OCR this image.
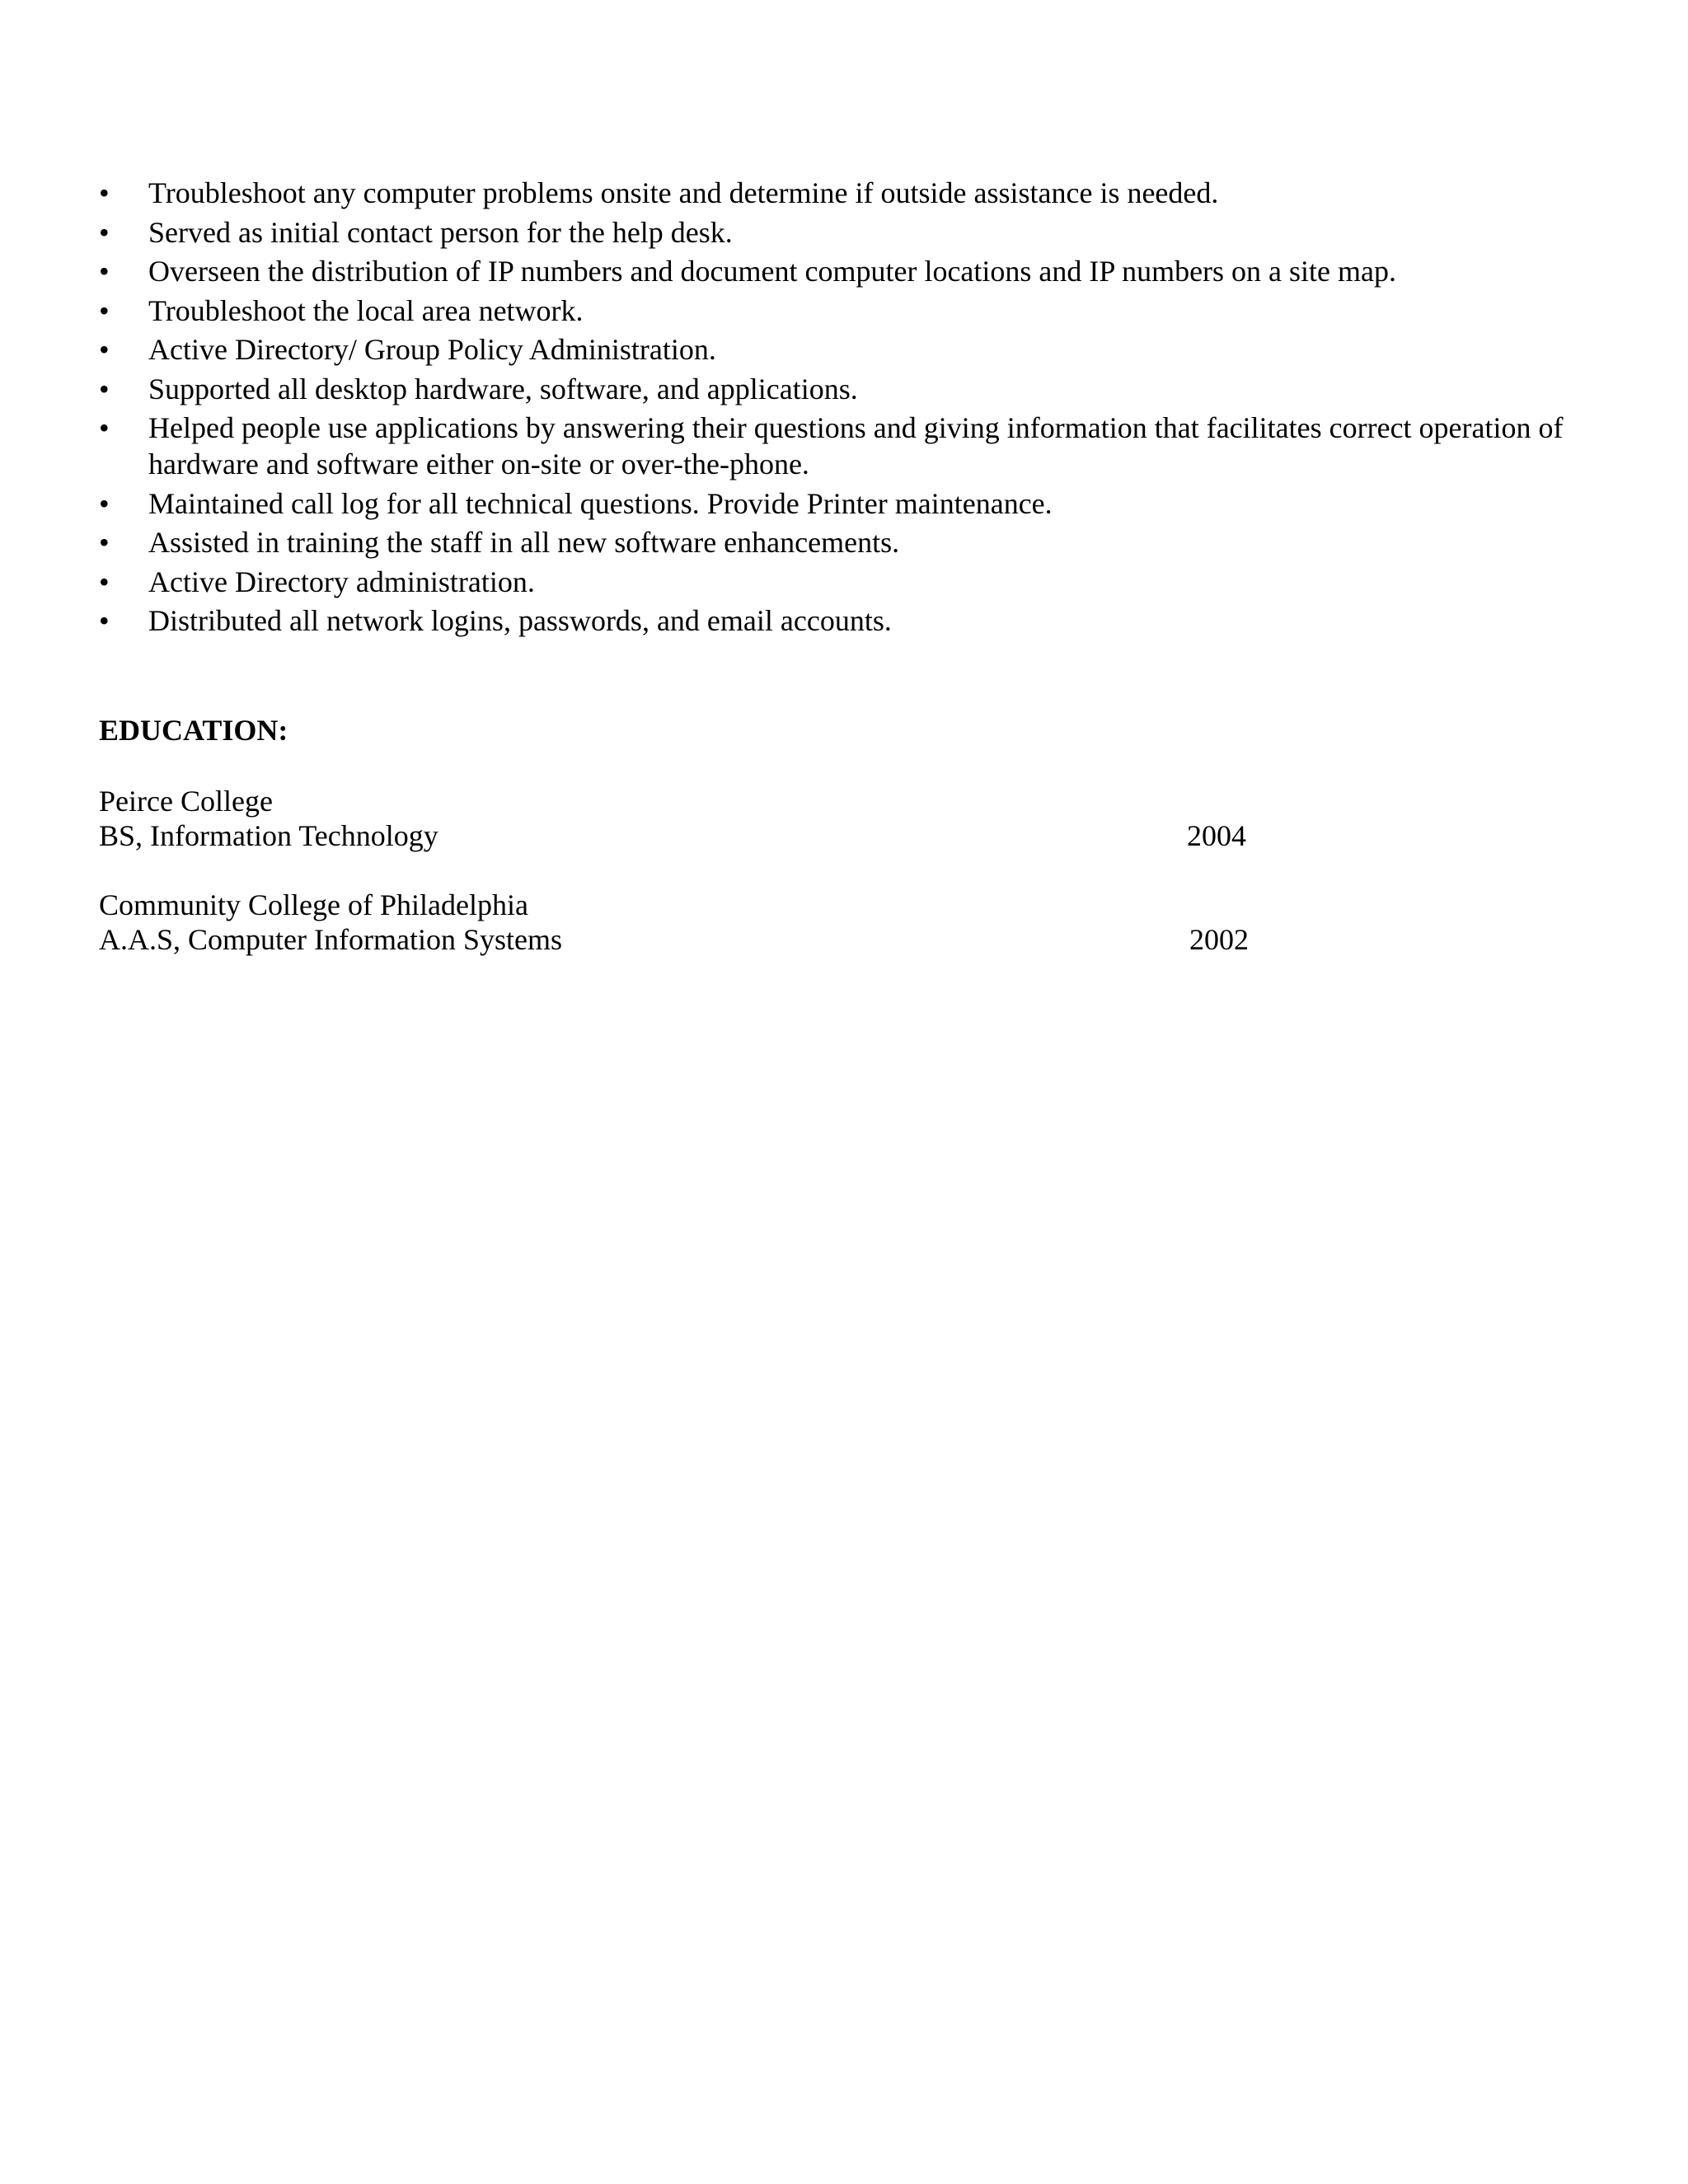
•	Troubleshoot any computer problems onsite and determine if outside assistance is needed.
•	Served as initial contact person for the help desk.
•	Overseen the distribution of IP numbers and document computer locations and IP numbers on a site map.
•	Troubleshoot the local area network.
•	Active Directory/ Group Policy Administration.
•	Supported all desktop hardware, software, and applications.
•	Helped people use applications by answering their questions and giving information that facilitates correct operation of hardware and software either on-site or over-the-phone.
•	Maintained call log for all technical questions. Provide Printer maintenance.
•	Assisted in training the staff in all new software enhancements.
•	Active Directory administration.
•	Distributed all network logins, passwords, and email accounts.
EDUCATION:
Peirce College
BS, Information Technology	2004
Community College of Philadelphia
A.A.S, Computer Information Systems	2002
